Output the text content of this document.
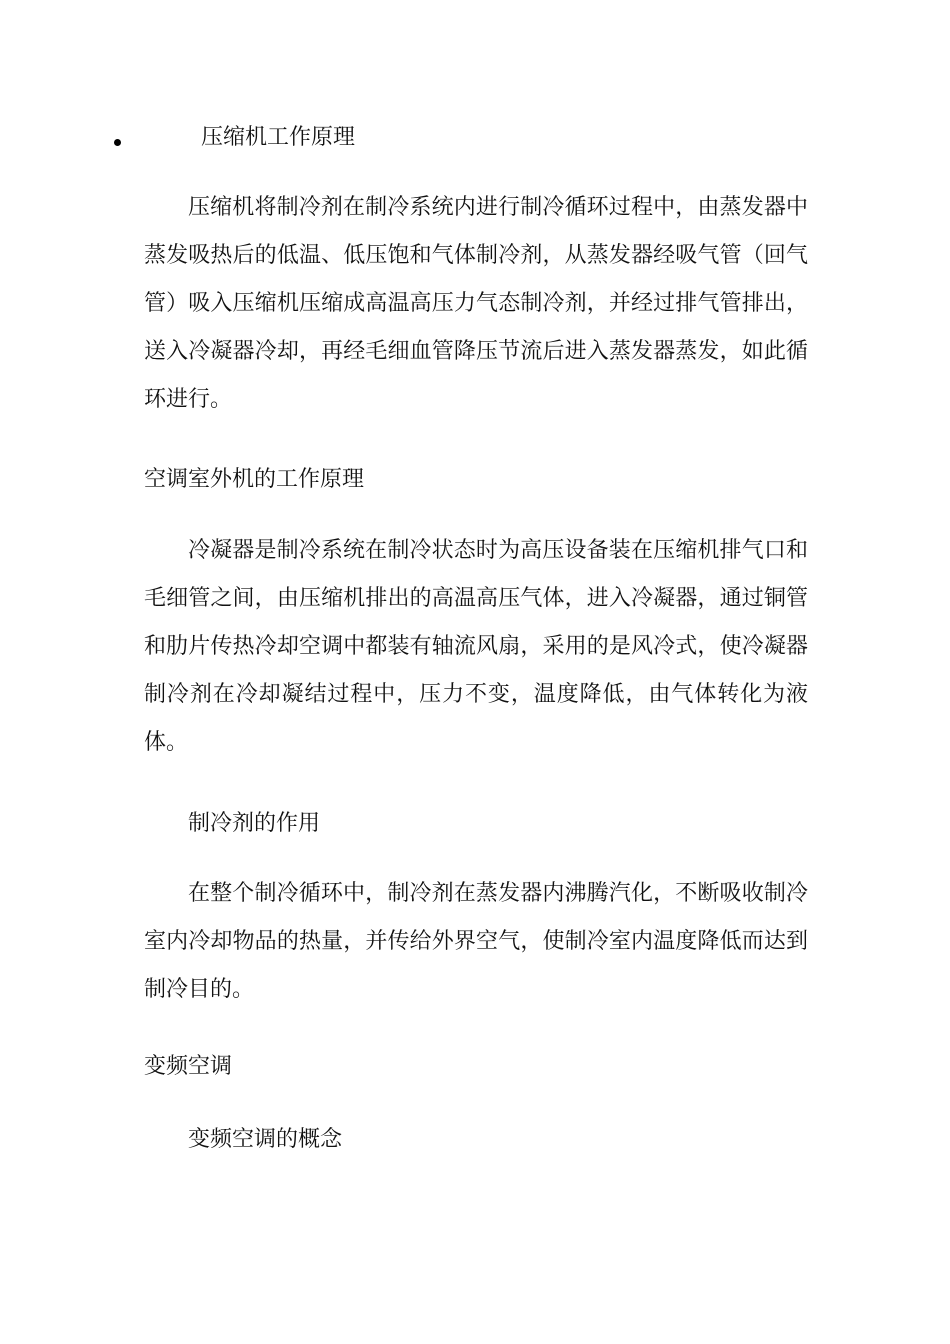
压缩机工作原理
压缩机将制冷剂在制冷系统内进行制冷循环过程中，由蒸发器中蒸发吸热后的低温、低压饱和气体制冷剂，从蒸发器经吸气管（回气管）吸入压缩机压缩成高温高压力气态制冷剂，并经过排气管排出，送入冷凝器冷却，再经毛细血管降压节流后进入蒸发器蒸发，如此循环进行。
空调室外机的工作原理
冷凝器是制冷系统在制冷状态时为高压设备装在压缩机排气口和毛细管之间，由压缩机排出的高温高压气体，进入冷凝器，通过铜管和肋片传热冷却空调中都装有轴流风扇，采用的是风冷式，使冷凝器制冷剂在冷却凝结过程中，压力不变，温度降低，由气体转化为液体。
制冷剂的作用
在整个制冷循环中，制冷剂在蒸发器内沸腾汽化，不断吸收制冷室内冷却物品的热量，并传给外界空气，使制冷室内温度降低而达到制冷目的。
变频空调
变频空调的概念
